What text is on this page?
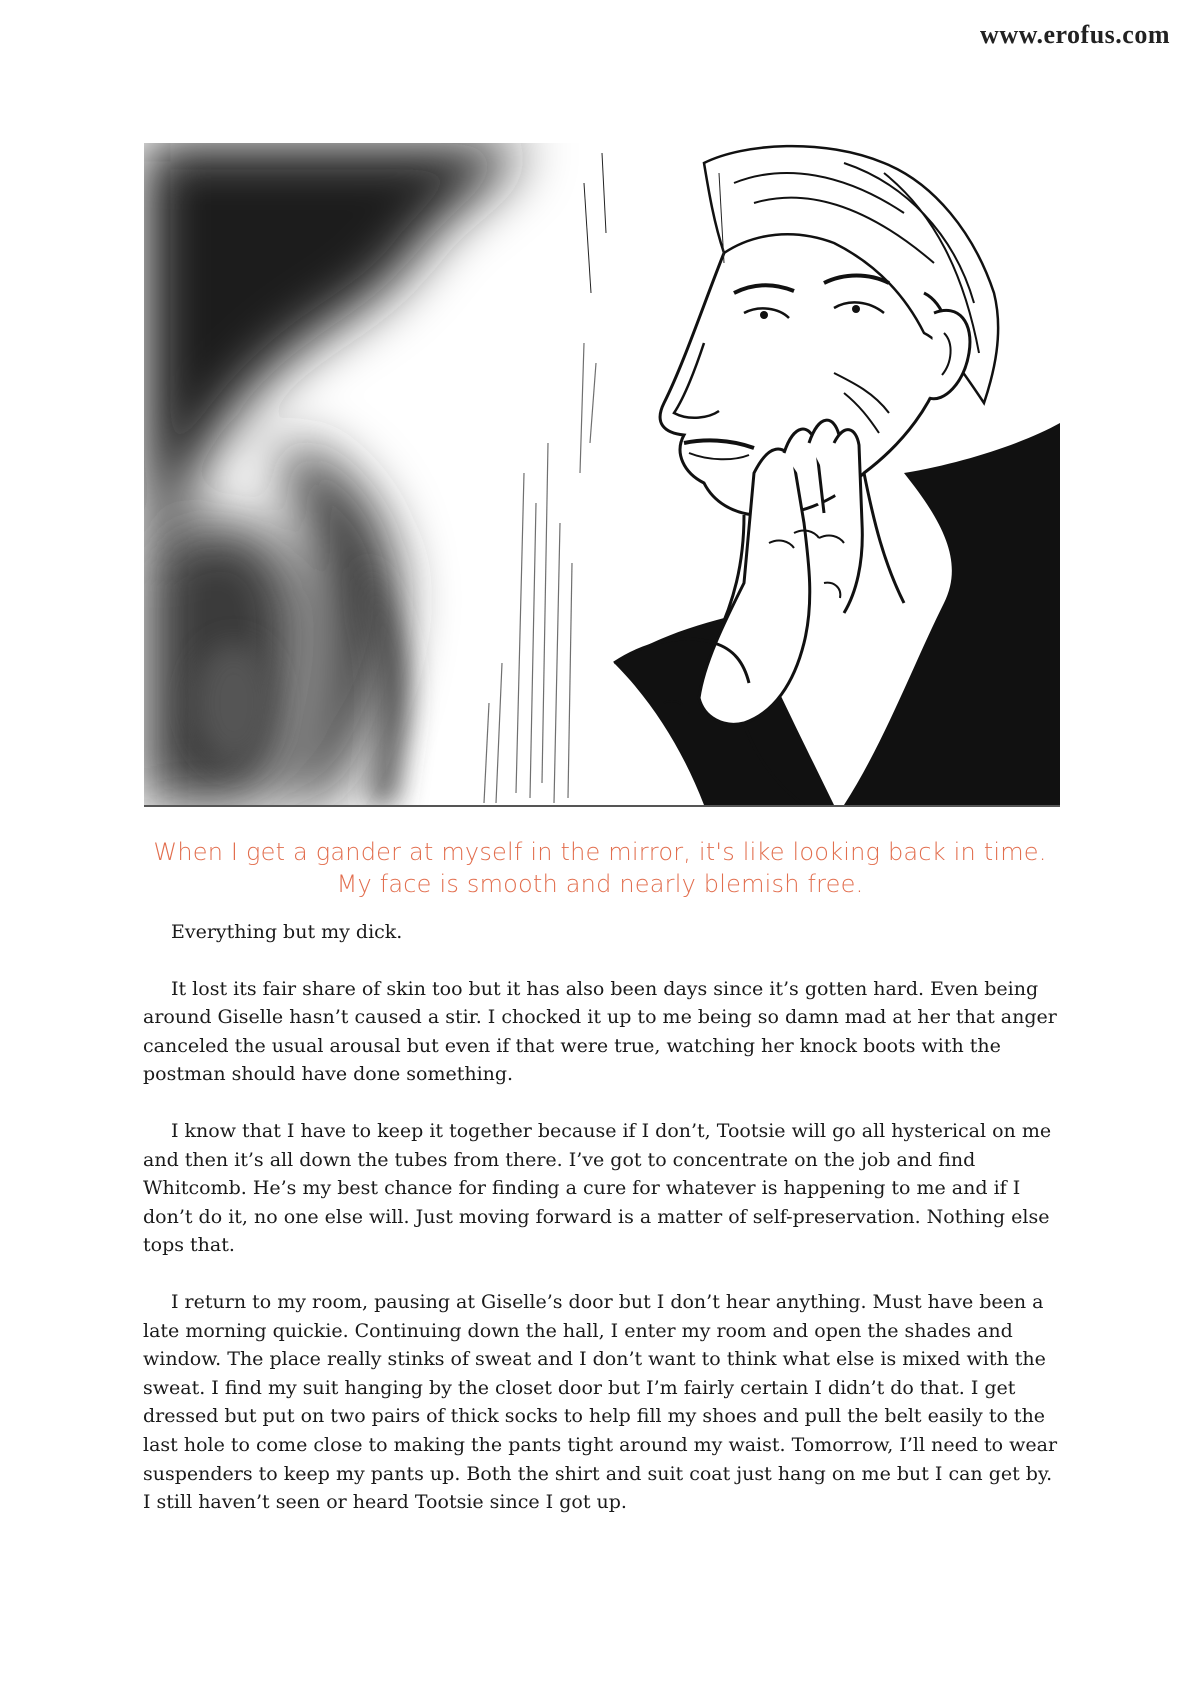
www.erofus.com
When I get a gander at myself in the mirror, it's like looking back in time. My face is smooth and nearly blemish free.

Everything but my dick.

It lost its fair share of skin too but it has also been days since it’s gotten hard. Even being around Giselle hasn’t caused a stir. I chocked it up to me being so damn mad at her that anger canceled the usual arousal but even if that were true, watching her knock boots with the postman should have done something.

I know that I have to keep it together because if I don’t, Tootsie will go all hysterical on me and then it’s all down the tubes from there. I’ve got to concentrate on the job and find Whitcomb. He’s my best chance for finding a cure for whatever is happening to me and if I don’t do it, no one else will. Just moving forward is a matter of self-preservation. Nothing else tops that.

I return to my room, pausing at Giselle’s door but I don’t hear anything. Must have been a late morning quickie. Continuing down the hall, I enter my room and open the shades and window. The place really stinks of sweat and I don’t want to think what else is mixed with the sweat. I find my suit hanging by the closet door but I’m fairly certain I didn’t do that. I get dressed but put on two pairs of thick socks to help fill my shoes and pull the belt easily to the last hole to come close to making the pants tight around my waist. Tomorrow, I’ll need to wear suspenders to keep my pants up. Both the shirt and suit coat just hang on me but I can get by. I still haven’t seen or heard Tootsie since I got up.
